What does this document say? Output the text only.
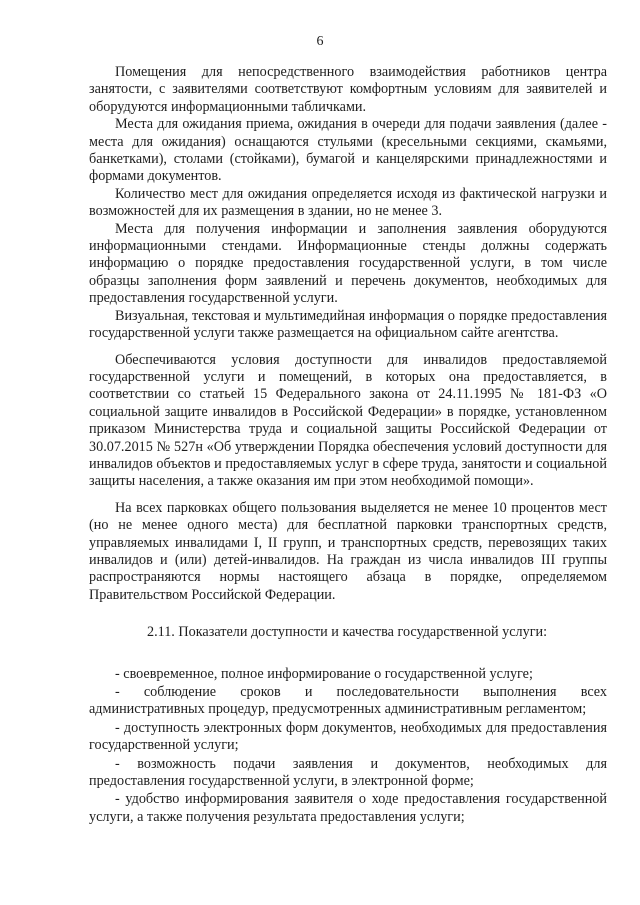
6

Помещения для непосредственного взаимодействия работников центра занятости, с заявителями соответствуют комфортным условиям для заявителей и оборудуются информационными табличками.

Места для ожидания приема, ожидания в очереди для подачи заявления (далее - места для ожидания) оснащаются стульями (кресельными секциями, скамьями, банкетками), столами (стойками), бумагой и канцелярскими принадлежностями и формами документов.

Количество мест для ожидания определяется исходя из фактической нагрузки и возможностей для их размещения в здании, но не менее 3.

Места для получения информации и заполнения заявления оборудуются информационными стендами. Информационные стенды должны содержать информацию о порядке предоставления государственной услуги, в том числе образцы заполнения форм заявлений и перечень документов, необходимых для предоставления государственной услуги.

Визуальная, текстовая и мультимедийная информация о порядке предоставления государственной услуги также размещается на официальном сайте агентства.

Обеспечиваются условия доступности для инвалидов предоставляемой государственной услуги и помещений, в которых она предоставляется, в соответствии со статьей 15 Федерального закона от 24.11.1995 № 181-ФЗ «О социальной защите инвалидов в Российской Федерации» в порядке, установленном приказом Министерства труда и социальной защиты Российской Федерации от 30.07.2015 № 527н «Об утверждении Порядка обеспечения условий доступности для инвалидов объектов и предоставляемых услуг в сфере труда, занятости и социальной защиты населения, а также оказания им при этом необходимой помощи».

На всех парковках общего пользования выделяется не менее 10 процентов мест (но не менее одного места) для бесплатной парковки транспортных средств, управляемых инвалидами I, II групп, и транспортных средств, перевозящих таких инвалидов и (или) детей-инвалидов. На граждан из числа инвалидов III группы распространяются нормы настоящего абзаца в порядке, определяемом Правительством Российской Федерации.

2.11. Показатели доступности и качества государственной услуги:

- своевременное, полное информирование о государственной услуге;

- соблюдение сроков и последовательности выполнения всех

административных процедур, предусмотренных административным регламентом;

- доступность электронных форм документов, необходимых для предоставления государственной услуги;

- возможность подачи заявления и документов, необходимых для предоставления государственной услуги, в электронной форме;

- удобство информирования заявителя о ходе предоставления государственной услуги, а также получения результата предоставления услуги;
